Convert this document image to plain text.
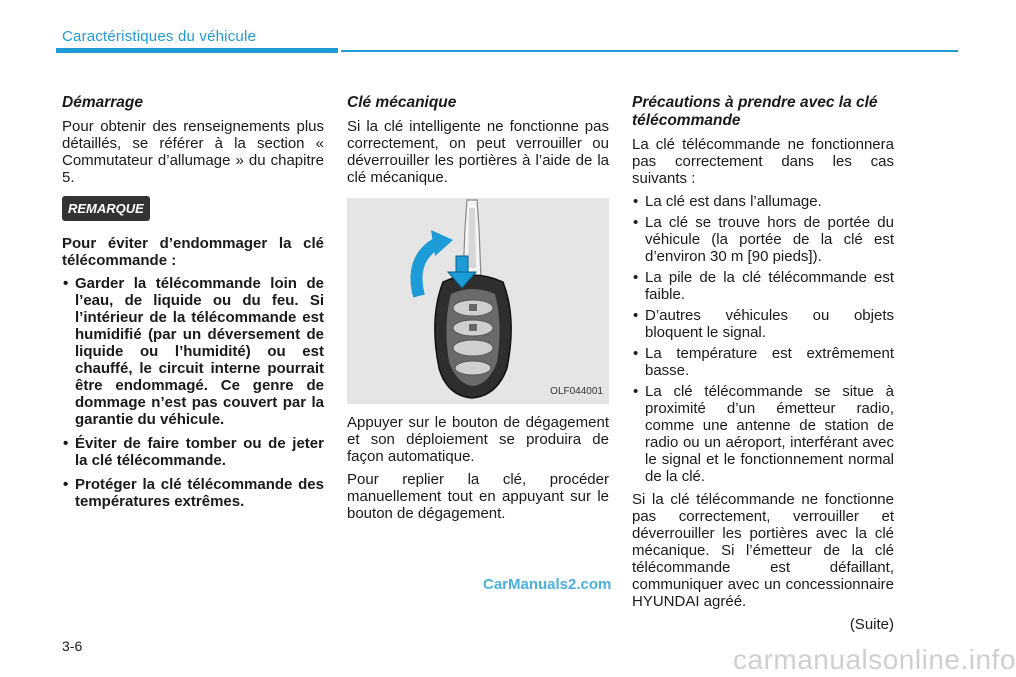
Caractéristiques du véhicule
Démarrage

Pour obtenir des renseignements plus détaillés, se référer à la section « Commutateur d’allumage » du chapitre 5.

REMARQUE

Pour éviter d’endommager la clé télécommande :

• Garder la télécommande loin de l’eau, de liquide ou du feu. Si l’intérieur de la télécommande est humidifié (par un déversement de liquide ou l’humidité) ou est chauffé, le circuit interne pourrait être endommagé. Ce genre de dommage n’est pas couvert par la garantie du véhicule.
• Éviter de faire tomber ou de jeter la clé télécommande.
• Protéger la clé télécommande des températures extrêmes.
Clé mécanique

Si la clé intelligente ne fonctionne pas correctement, on peut verrouiller ou déverrouiller les portières à l’aide de la clé mécanique.

OLF044001

Appuyer sur le bouton de dégagement et son déploiement se produira de façon automatique.

Pour replier la clé, procéder manuellement tout en appuyant sur le bouton de dégagement.

Précautions à prendre avec la clé télécommande

La clé télécommande ne fonctionnera pas correctement dans les cas suivants :

• La clé est dans l’allumage.
• La clé se trouve hors de portée du véhicule (la portée de la clé est d’environ 30 m [90 pieds]).
• La pile de la clé télécommande est faible.
• D’autres véhicules ou objets bloquent le signal.
• La température est extrêmement basse.
• La clé télécommande se situe à proximité d’un émetteur radio, comme une antenne de station de radio ou un aéroport, interférant avec le signal et le fonctionnement normal de la clé.

Si la clé télécommande ne fonctionne pas correctement, verrouiller et déverrouiller les portières avec la clé mécanique. Si l’émetteur de la clé télécommande est défaillant, communiquer avec un concessionnaire HYUNDAI agréé.

(Suite)

CarManuals2.com
3-6	carmanualsonline.info
